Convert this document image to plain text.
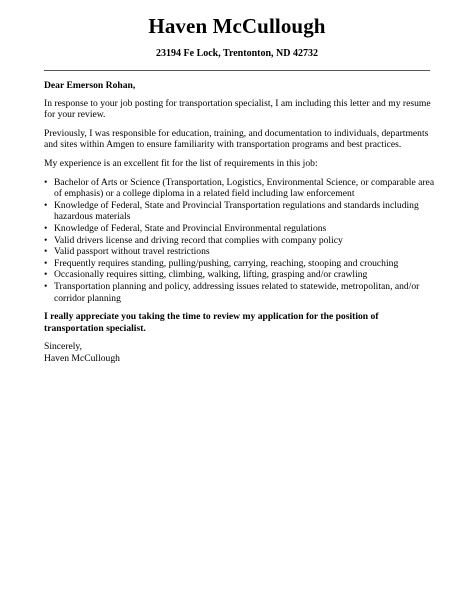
Haven McCullough
23194 Fe Lock, Trentonton, ND 42732
Dear Emerson Rohan,
In response to your job posting for transportation specialist, I am including this letter and my resume for your review.
Previously, I was responsible for education, training, and documentation to individuals, departments and sites within Amgen to ensure familiarity with transportation programs and best practices.
My experience is an excellent fit for the list of requirements in this job:
• Bachelor of Arts or Science (Transportation, Logistics, Environmental Science, or comparable area of emphasis) or a college diploma in a related field including law enforcement
• Knowledge of Federal, State and Provincial Transportation regulations and standards including hazardous materials
• Knowledge of Federal, State and Provincial Environmental regulations
• Valid drivers license and driving record that complies with company policy
• Valid passport without travel restrictions
• Frequently requires standing, pulling/pushing, carrying, reaching, stooping and crouching
• Occasionally requires sitting, climbing, walking, lifting, grasping and/or crawling
• Transportation planning and policy, addressing issues related to statewide, metropolitan, and/or corridor planning
I really appreciate you taking the time to review my application for the position of transportation specialist.
Sincerely,
Haven McCullough
